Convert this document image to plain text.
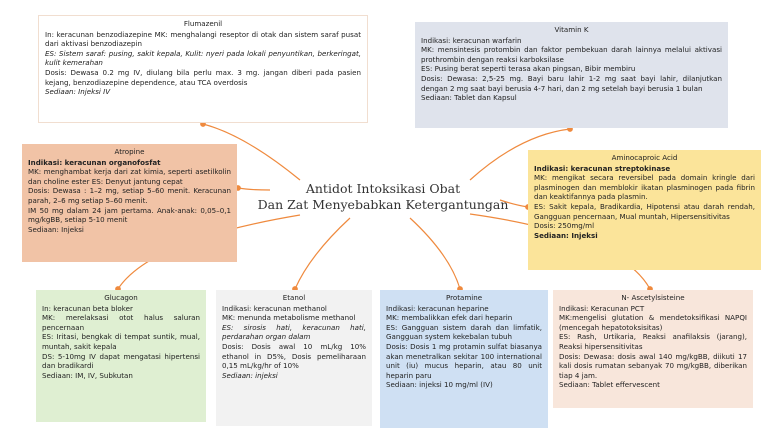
Antidot Intoksikasi Obat
Dan Zat Menyebabkan Ketergantungan
Flumazenil
In: keracunan benzodiazepine MK: menghalangi reseptor di otak dan sistem saraf pusat dari aktivasi benzodiazepin
ES: Sistem saraf: pusing, sakit kepala, Kulit: nyeri pada lokali penyuntikan, berkeringat, kulit kemerahan
Dosis: Dewasa 0.2 mg IV, diulang bila perlu max. 3 mg. jangan diberi pada pasien kejang, benzodiazepine dependence, atau TCA overdosis
Sediaan: Injeksi IV
Vitamin K
Indikasi: keracunan warfarin
MK: mensintesis protombin dan faktor pembekuan darah lainnya melalui aktivasi prothrombin dengan reaksi karboksilase
ES: Pusing berat seperti terasa akan pingsan, Bibir membiru
Dosis: Dewasa: 2,5-25 mg. Bayi baru lahir 1-2 mg saat bayi lahir, dilanjutkan dengan 2 mg saat bayi berusia 4-7 hari, dan 2 mg setelah bayi berusia 1 bulan
Sediaan: Tablet dan Kapsul
Atropine
Indikasi: keracunan organofosfat
MK: menghambat kerja dari zat kimia, seperti asetilkolin dan choline ester ES: Denyut jantung cepat
Dosis: Dewasa : 1–2 mg, setiap 5–60 menit. Keracunan parah, 2–6 mg setiap 5–60 menit.
IM 50 mg dalam 24 jam pertama. Anak-anak: 0,05–0,1 mg/kgBB, setiap 5-10 menit
Sediaan: Injeksi
Aminocaproic Acid
Indikasi: keracunan streptokinase
MK: mengikat secara reversibel pada domain kringle dari plasminogen dan memblokir ikatan plasminogen pada fibrin dan keaktifannya pada plasmin.
ES: Sakit kepala, Bradikardia, Hipotensi atau darah rendah, Gangguan pencernaan, Mual muntah, Hipersensitivitas
Dosis: 250mg/ml
Sediaan: Injeksi
Glucagon
In: keracunan beta bloker
MK: merelaksasi otot halus saluran pencernaan
ES: Iritasi, bengkak di tempat suntik, mual, muntah, sakit kepala
DS: 5-10mg IV dapat mengatasi hipertensi dan bradikardi
Sediaan: IM, IV, Subkutan
Etanol
Indikasi: keracunan methanol
MK: menunda metabolisme methanol
ES: sirosis hati, keracunan hati, perdarahan organ dalam
Dosis: Dosis awal 10 mL/kg 10% ethanol in D5%, Dosis pemeliharaan 0,15 mL/kg/hr of 10%
Sediaan: injeksi
Protamine
Indikasi: keracunan heparine
MK: membalikkan efek dari heparin
ES: Gangguan sistem darah dan limfatik, Gangguan system kekebalan tubuh
Dosis: Dosis 1 mg protamin sulfat biasanya akan menetralkan sekitar 100 international unit (iu) mucus heparin, atau 80 unit heparin paru
Sediaan: injeksi 10 mg/ml (IV)
N- Ascetylsisteine
Indikasi: Keracunan PCT
MK:mengelisi glutation & mendetoksifikasi NAPQI (mencegah hepatotoksisitas)
ES: Rash, Urtikaria, Reaksi anafilaksis (jarang), Reaksi hipersensitivitas
Dosis: Dewasa: dosis awal 140 mg/kgBB, diikuti 17 kali dosis rumatan sebanyak 70 mg/kgBB, diberikan tiap 4 jam.
Sediaan: Tablet effervescent
